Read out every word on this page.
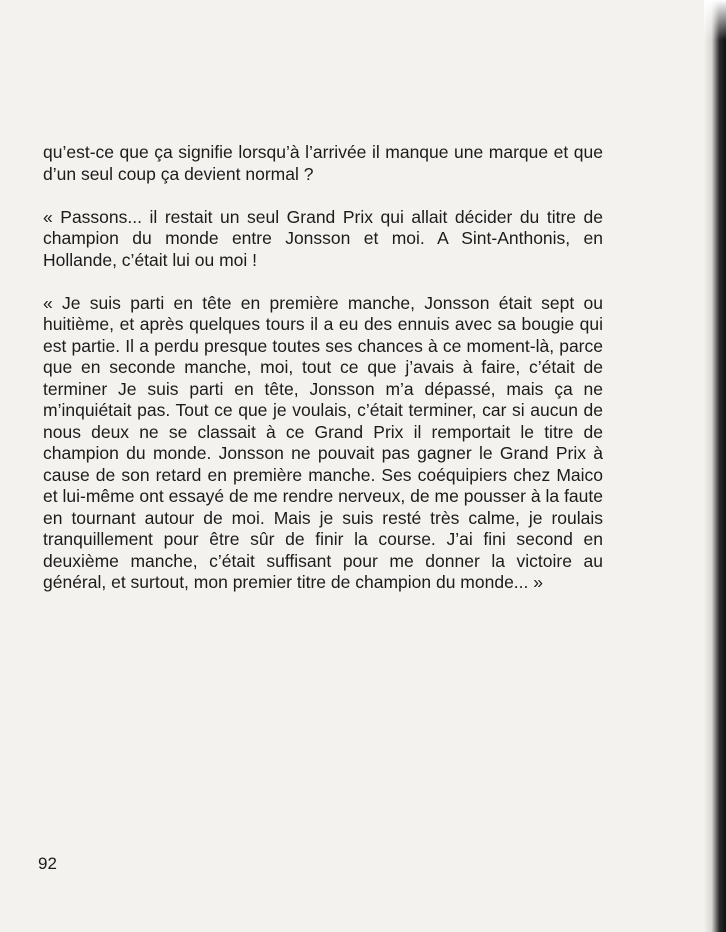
qu’est-ce que ça signifie lorsqu’à l’arrivée il manque une marque et que d’un seul coup ça devient normal ?

« Passons... il restait un seul Grand Prix qui allait décider du titre de champion du monde entre Jonsson et moi. A Sint-Anthonis, en Hollande, c’était lui ou moi !

« Je suis parti en tête en première manche, Jonsson était sept ou huitième, et après quelques tours il a eu des ennuis avec sa bougie qui est partie. Il a perdu presque toutes ses chances à ce moment-là, parce que en seconde manche, moi, tout ce que j’avais à faire, c’était de terminer Je suis parti en tête, Jonsson m’a dépassé, mais ça ne m’inquiétait pas. Tout ce que je voulais, c’était terminer, car si aucun de nous deux ne se classait à ce Grand Prix il remportait le titre de champion du monde. Jonsson ne pouvait pas gagner le Grand Prix à cause de son retard en première manche. Ses coéquipiers chez Maico et lui-même ont essayé de me rendre nerveux, de me pousser à la faute en tournant autour de moi. Mais je suis resté très calme, je roulais tranquillement pour être sûr de finir la course. J’ai fini second en deuxième manche, c’était suffisant pour me donner la victoire au général, et surtout, mon premier titre de champion du monde... »

92
